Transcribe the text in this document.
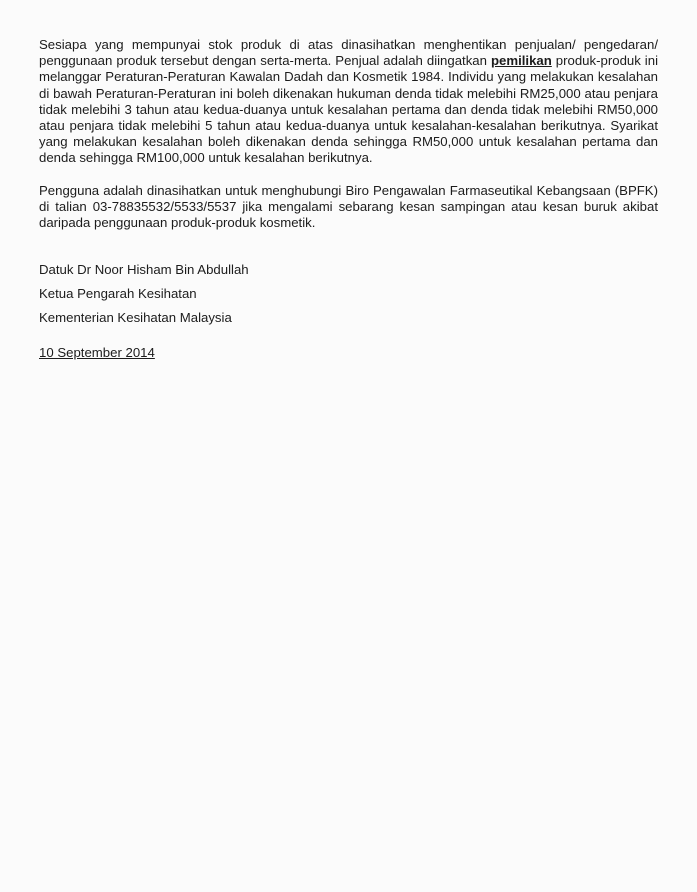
Sesiapa yang mempunyai stok produk di atas dinasihatkan menghentikan penjualan/ pengedaran/ penggunaan produk tersebut dengan serta-merta. Penjual adalah diingatkan pemilikan produk-produk ini melanggar Peraturan-Peraturan Kawalan Dadah dan Kosmetik 1984. Individu yang melakukan kesalahan di bawah Peraturan-Peraturan ini boleh dikenakan hukuman denda tidak melebihi RM25,000 atau penjara tidak melebihi 3 tahun atau kedua-duanya untuk kesalahan pertama dan denda tidak melebihi RM50,000 atau penjara tidak melebihi 5 tahun atau kedua-duanya untuk kesalahan-kesalahan berikutnya. Syarikat yang melakukan kesalahan boleh dikenakan denda sehingga RM50,000 untuk kesalahan pertama dan denda sehingga RM100,000 untuk kesalahan berikutnya.

Pengguna adalah dinasihatkan untuk menghubungi Biro Pengawalan Farmaseutikal Kebangsaan (BPFK) di talian 03-78835532/5533/5537 jika mengalami sebarang kesan sampingan atau kesan buruk akibat daripada penggunaan produk-produk kosmetik.

Datuk Dr Noor Hisham Bin Abdullah

Ketua Pengarah Kesihatan

Kementerian Kesihatan Malaysia

10 September 2014
